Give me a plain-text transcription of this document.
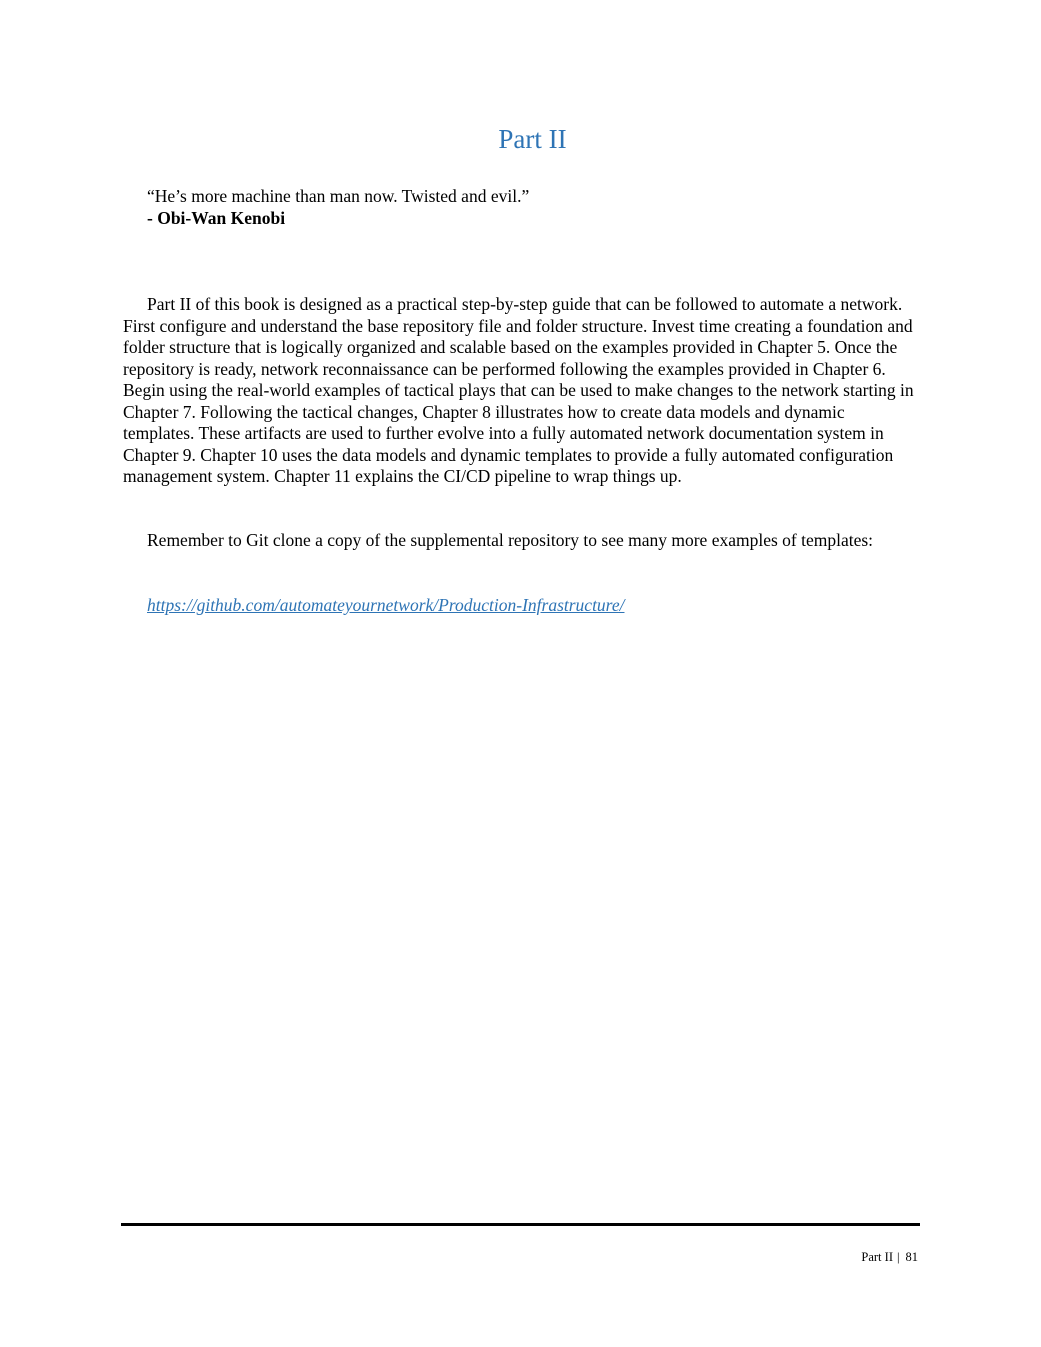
Part II
“He’s more machine than man now. Twisted and evil.”
- Obi-Wan Kenobi

Part II of this book is designed as a practical step-by-step guide that can be followed to automate a network. First configure and understand the base repository file and folder structure. Invest time creating a foundation and folder structure that is logically organized and scalable based on the examples provided in Chapter 5. Once the repository is ready, network reconnaissance can be performed following the examples provided in Chapter 6. Begin using the real-world examples of tactical plays that can be used to make changes to the network starting in Chapter 7. Following the tactical changes, Chapter 8 illustrates how to create data models and dynamic templates. These artifacts are used to further evolve into a fully automated network documentation system in Chapter 9. Chapter 10 uses the data models and dynamic templates to provide a fully automated configuration management system. Chapter 11 explains the CI/CD pipeline to wrap things up.

Remember to Git clone a copy of the supplemental repository to see many more examples of templates:

https://github.com/automateyournetwork/Production-Infrastructure/
Part II | 81
